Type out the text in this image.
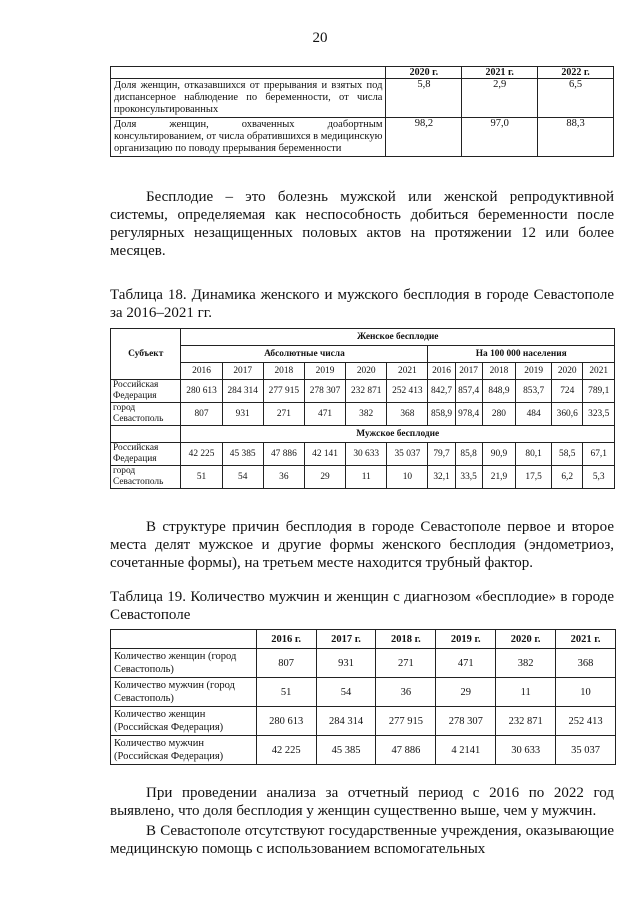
20
	2020 г.	2021 г.	2022 г.
Доля женщин, отказавшихся от прерывания и взятых под диспансерное наблюдение по беременности, от числа проконсультированных	5,8	2,9	6,5
Доля женщин, охваченных доабортным консультированием, от числа обратившихся в медицинскую организацию по поводу прерывания беременности	98,2	97,0	88,3

Бесплодие – это болезнь мужской или женской репродуктивной системы, определяемая как неспособность добиться беременности после регулярных незащищенных половых актов на протяжении 12 или более месяцев.

Таблица 18. Динамика женского и мужского бесплодия в городе Севастополе за 2016–2021 гг.

Субъект	Женское бесплодие											
	Абсолютные числа						На 100 000 населения					
	2016	2017	2018	2019	2020	2021	2016	2017	2018	2019	2020	2021
Российская Федерация	280 613	284 314	277 915	278 307	232 871	252 413	842,7	857,4	848,9	853,7	724	789,1
город Севастополь	807	931	271	471	382	368	858,9	978,4	280	484	360,6	323,5
	Мужское бесплодие											
Российская Федерация	42 225	45 385	47 886	42 141	30 633	35 037	79,7	85,8	90,9	80,1	58,5	67,1
город Севастополь	51	54	36	29	11	10	32,1	33,5	21,9	17,5	6,2	5,3

В структуре причин бесплодия в городе Севастополе первое и второе места делят мужское и другие формы женского бесплодия (эндометриоз, сочетанные формы), на третьем месте находится трубный фактор.

Таблица 19. Количество мужчин и женщин с диагнозом «бесплодие» в городе Севастополе

	2016 г.	2017 г.	2018 г.	2019 г.	2020 г.	2021 г.
Количество женщин (город Севастополь)	807	931	271	471	382	368
Количество мужчин (город Севастополь)	51	54	36	29	11	10
Количество женщин (Российская Федерация)	280 613	284 314	277 915	278 307	232 871	252 413
Количество мужчин (Российская Федерация)	42 225	45 385	47 886	4 2141	30 633	35 037

При проведении анализа за отчетный период с 2016 по 2022 год выявлено, что доля бесплодия у женщин существенно выше, чем у мужчин.

В Севастополе отсутствуют государственные учреждения, оказывающие медицинскую помощь с использованием вспомогательных
